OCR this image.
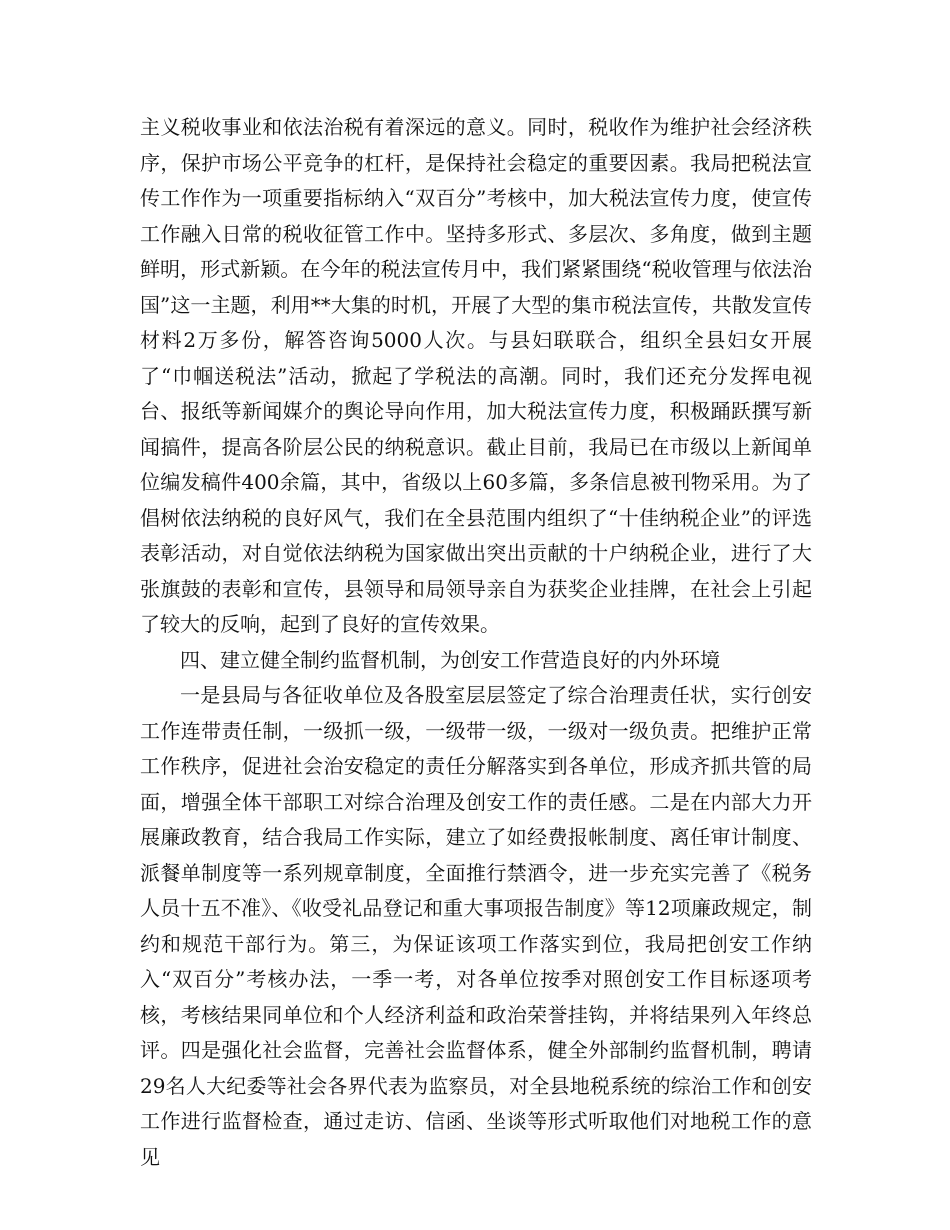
主义税收事业和依法治税有着深远的意义。同时，税收作为维护社会经济秩序，保护市场公平竞争的杠杆，是保持社会稳定的重要因素。我局把税法宣传工作作为一项重要指标纳入“双百分”考核中，加大税法宣传力度，使宣传工作融入日常的税收征管工作中。坚持多形式、多层次、多角度，做到主题鲜明，形式新颖。在今年的税法宣传月中，我们紧紧围绕“税收管理与依法治国”这一主题，利用**大集的时机，开展了大型的集市税法宣传，共散发宣传材料2万多份，解答咨询5000人次。与县妇联联合，组织全县妇女开展了“巾帼送税法”活动，掀起了学税法的高潮。同时，我们还充分发挥电视台、报纸等新闻媒介的舆论导向作用，加大税法宣传力度，积极踊跃撰写新闻搞件，提高各阶层公民的纳税意识。截止目前，我局已在市级以上新闻单位编发稿件400余篇，其中，省级以上60多篇，多条信息被刊物采用。为了倡树依法纳税的良好风气，我们在全县范围内组织了“十佳纳税企业”的评选表彰活动，对自觉依法纳税为国家做出突出贡献的十户纳税企业，进行了大张旗鼓的表彰和宣传，县领导和局领导亲自为获奖企业挂牌，在社会上引起了较大的反响，起到了良好的宣传效果。

四、建立健全制约监督机制，为创安工作营造良好的内外环境

一是县局与各征收单位及各股室层层签定了综合治理责任状，实行创安工作连带责任制，一级抓一级，一级带一级，一级对一级负责。把维护正常工作秩序，促进社会治安稳定的责任分解落实到各单位，形成齐抓共管的局面，增强全体干部职工对综合治理及创安工作的责任感。二是在内部大力开展廉政教育，结合我局工作实际，建立了如经费报帐制度、离任审计制度、派餐单制度等一系列规章制度，全面推行禁酒令，进一步充实完善了《税务人员十五不准》、《收受礼品登记和重大事项报告制度》等12项廉政规定，制约和规范干部行为。第三，为保证该项工作落实到位，我局把创安工作纳入“双百分”考核办法，一季一考，对各单位按季对照创安工作目标逐项考核，考核结果同单位和个人经济利益和政治荣誉挂钩，并将结果列入年终总评。四是强化社会监督，完善社会监督体系，健全外部制约监督机制，聘请29名人大纪委等社会各界代表为监察员，对全县地税系统的综治工作和创安工作进行监督检查，通过走访、信函、坐谈等形式听取他们对地税工作的意见
